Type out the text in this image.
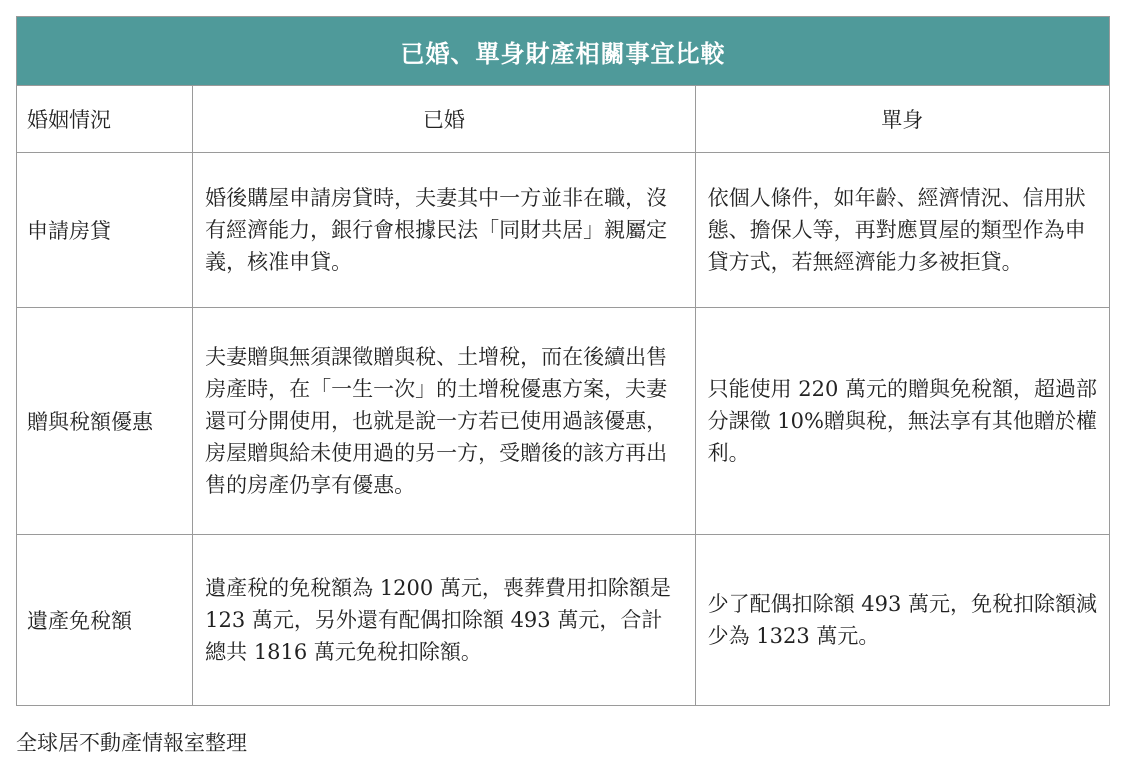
已婚、單身財產相關事宜比較		
婚姻情況	已婚	單身
申請房貸	婚後購屋申請房貸時，夫妻其中一方並非在職，沒有經濟能力，銀行會根據民法「同財共居」親屬定義，核准申貸。	依個人條件，如年齡、經濟情況、信用狀態、擔保人等，再對應買屋的類型作為申貸方式，若無經濟能力多被拒貸。
贈與稅額優惠	夫妻贈與無須課徵贈與稅、土增稅，而在後續出售房產時，在「一生一次」的土增稅優惠方案，夫妻還可分開使用，也就是說一方若已使用過該優惠，房屋贈與給未使用過的另一方，受贈後的該方再出售的房產仍享有優惠。	只能使用 220 萬元的贈與免稅額，超過部分課徵 10%贈與稅，無法享有其他贈於權利。
遺產免稅額	遺產稅的免稅額為 1200 萬元，喪葬費用扣除額是 123 萬元，另外還有配偶扣除額 493 萬元，合計總共 1816 萬元免稅扣除額。	少了配偶扣除額 493 萬元，免稅扣除額減少為 1323 萬元。
全球居不動產情報室整理
